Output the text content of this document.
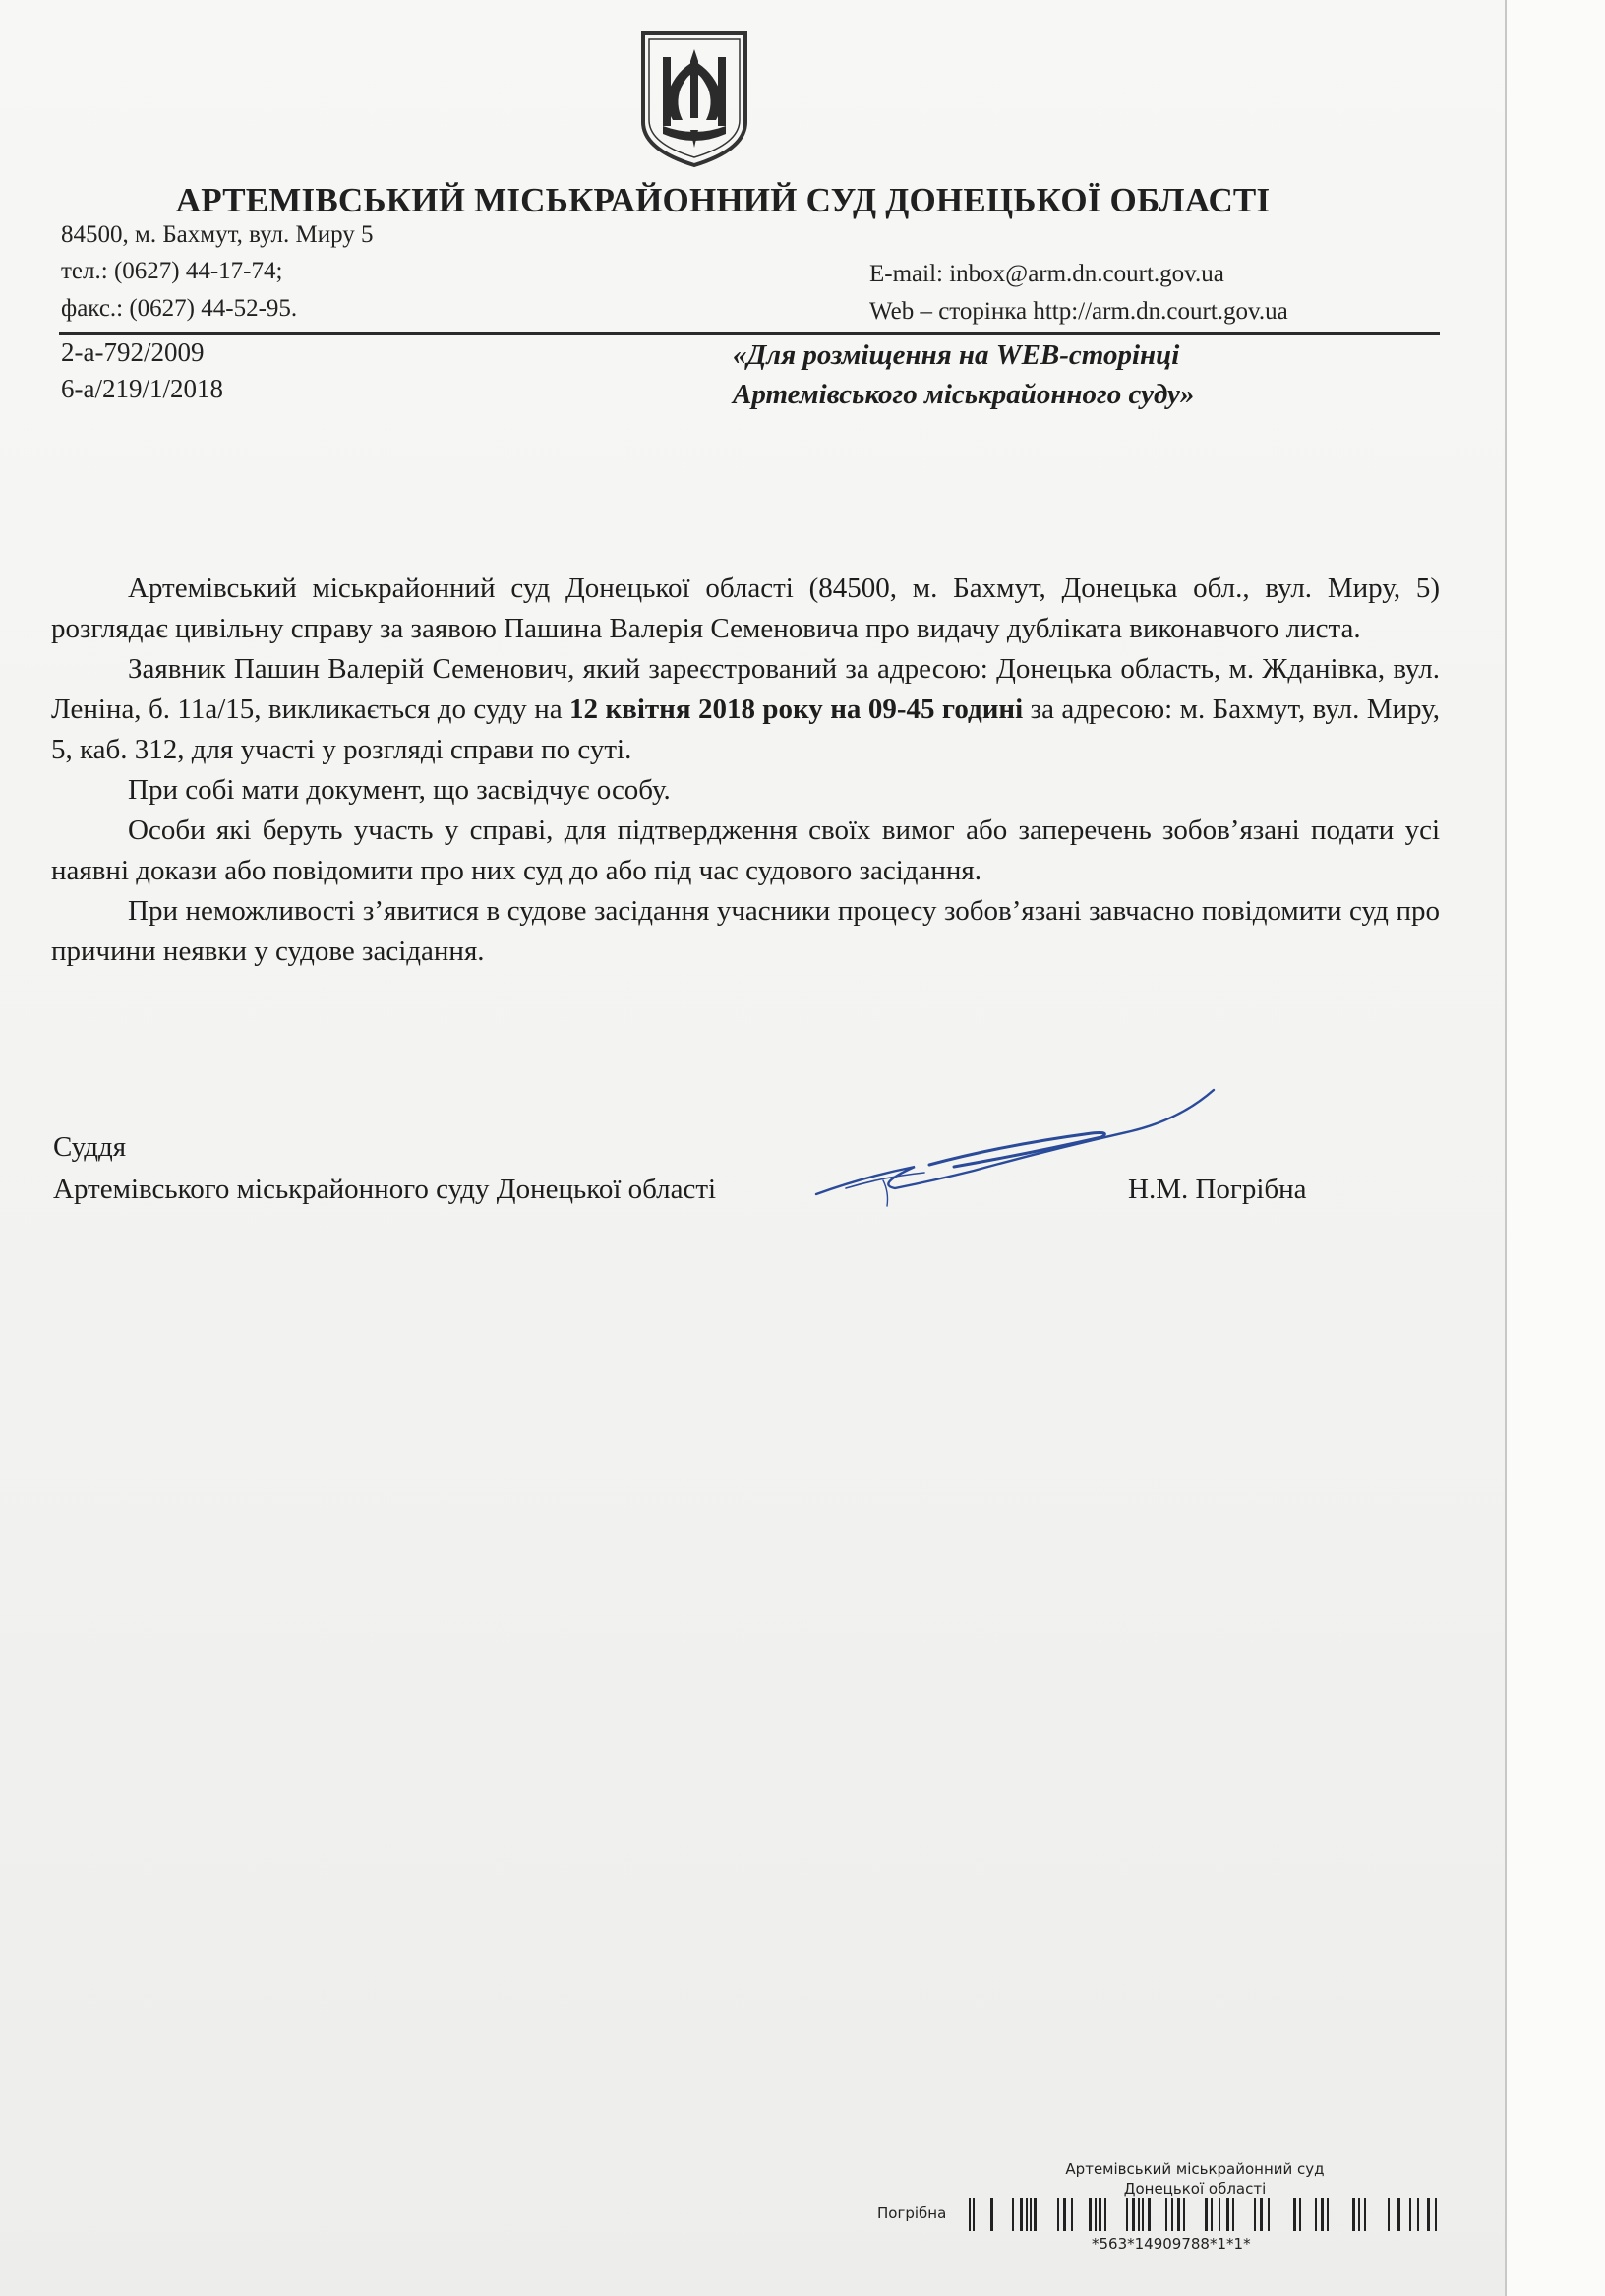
АРТЕМІВСЬКИЙ МІСЬКРАЙОННИЙ СУД ДОНЕЦЬКОЇ ОБЛАСТІ
84500, м. Бахмут, вул. Миру 5
тел.: (0627) 44-17-74;
факс.: (0627) 44-52-95.
E-mail: inbox@arm.dn.court.gov.ua
Web – сторінка http://arm.dn.court.gov.ua
2-а-792/2009
6-а/219/1/2018
«Для розміщення на WEB-сторінці
Артемівського міськрайонного суду»

Артемівський міськрайонний суд Донецької області (84500, м. Бахмут, Донецька обл., вул. Миру, 5) розглядає цивільну справу за заявою Пашина Валерія Семеновича про видачу дубліката виконавчого листа.

Заявник Пашин Валерій Семенович, який зареєстрований за адресою: Донецька область, м. Жданівка, вул. Леніна, б. 11а/15, викликається до суду на 12 квітня 2018 року на 09-45 годині за адресою: м. Бахмут, вул. Миру, 5, каб. 312, для участі у розгляді справи по суті.

При собі мати документ, що засвідчує особу.

Особи які беруть участь у справі, для підтвердження своїх вимог або заперечень зобов’язані подати усі наявні докази або повідомити про них суд до або під час судового засідання.

При неможливості з’явитися в судове засідання учасники процесу зобов’язані завчасно повідомити суд про причини неявки у судове засідання.

Суддя
Артемівського міськрайонного суду Донецької області	Н.М. Погрібна
Артемівський міськрайонний суд
Донецької області
Погрібна
*563*14909788*1*1*
